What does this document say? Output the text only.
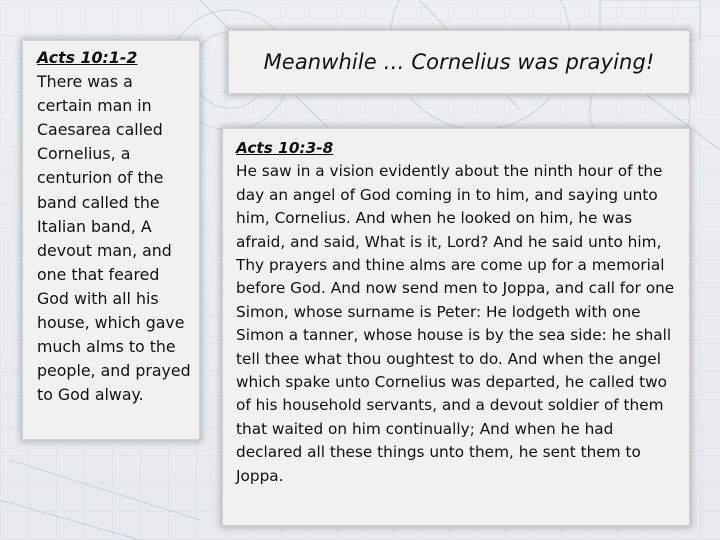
Acts 10:1-2
There was a certain man in Caesarea called Cornelius, a centurion of the band called the Italian band, A devout man, and one that feared God with all his house, which gave much alms to the people, and prayed to God alway.
Meanwhile … Cornelius was praying!
Acts 10:3-8
He saw in a vision evidently about the ninth hour of the day an angel of God coming in to him, and saying unto him, Cornelius. And when he looked on him, he was afraid, and said, What is it, Lord? And he said unto him, Thy prayers and thine alms are come up for a memorial before God. And now send men to Joppa, and call for one Simon, whose surname is Peter: He lodgeth with one Simon a tanner, whose house is by the sea side: he shall tell thee what thou oughtest to do. And when the angel which spake unto Cornelius was departed, he called two of his household servants, and a devout soldier of them that waited on him continually; And when he had declared all these things unto them, he sent them to Joppa.
